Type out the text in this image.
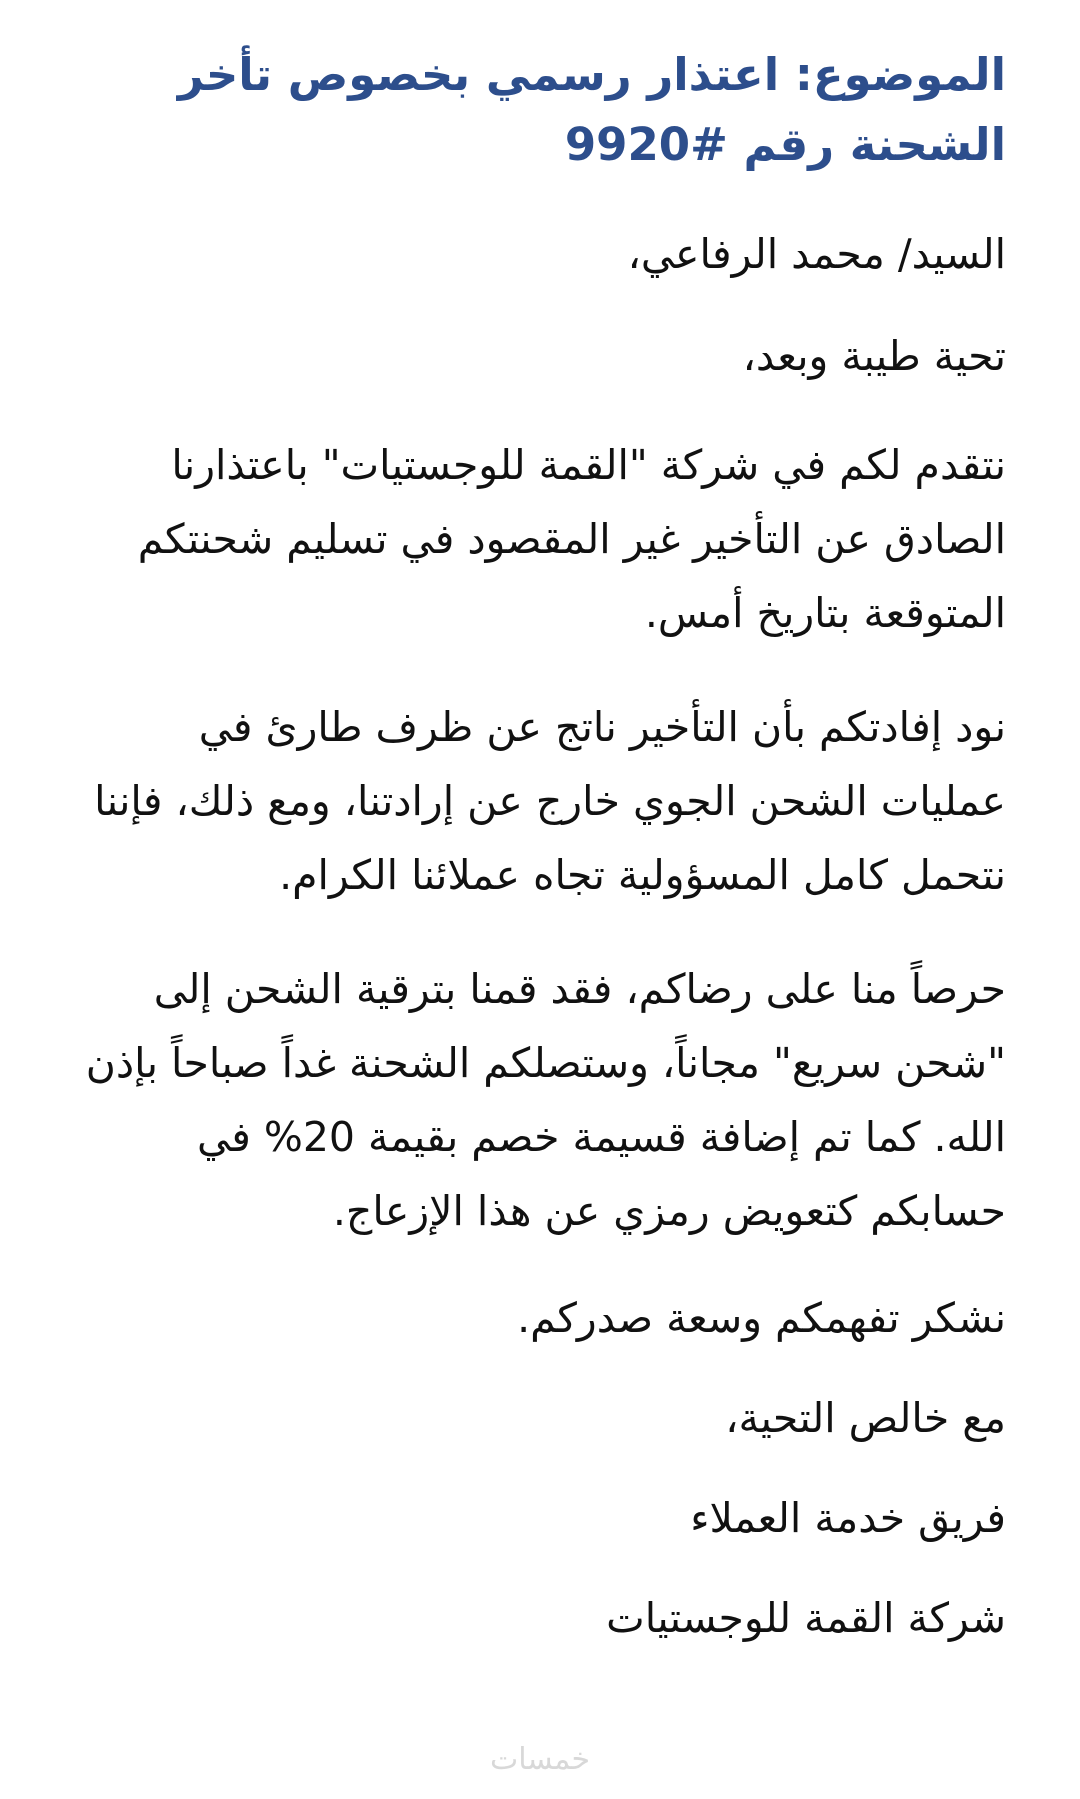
الموضوع: اعتذار رسمي بخصوص تأخر الشحنة رقم #9920

السيد/ محمد الرفاعي،

تحية طيبة وبعد،

نتقدم لكم في شركة "القمة للوجستيات" باعتذارنا الصادق عن التأخير غير المقصود في تسليم شحنتكم المتوقعة بتاريخ أمس.

نود إفادتكم بأن التأخير ناتج عن ظرف طارئ في عمليات الشحن الجوي خارج عن إرادتنا، ومع ذلك، فإننا نتحمل كامل المسؤولية تجاه عملائنا الكرام.

حرصاً منا على رضاكم، فقد قمنا بترقية الشحن إلى "شحن سريع" مجاناً، وستصلكم الشحنة غداً صباحاً بإذن الله. كما تم إضافة قسيمة خصم بقيمة 20% في حسابكم كتعويض رمزي عن هذا الإزعاج.

نشكر تفهمكم وسعة صدركم.

مع خالص التحية،

فريق خدمة العملاء

شركة القمة للوجستيات

خمسات
